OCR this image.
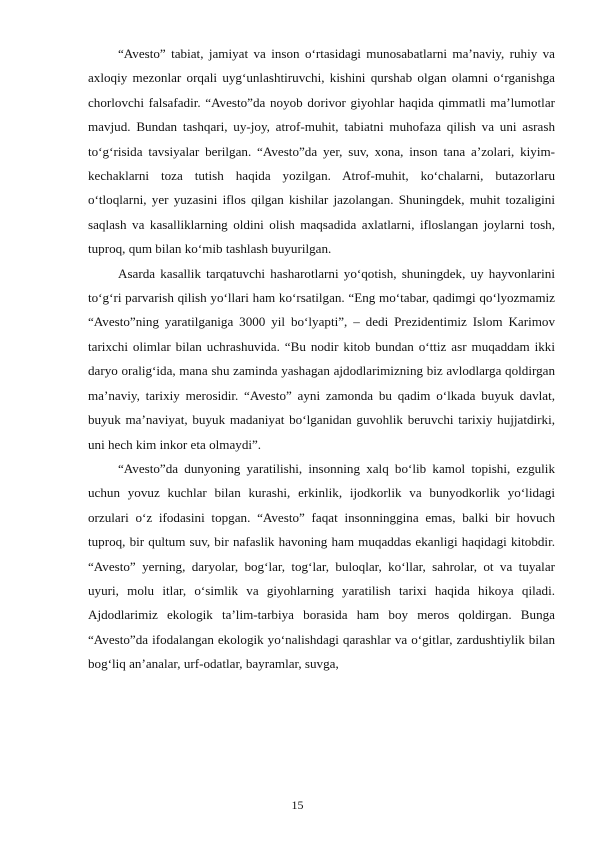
“Avesto” tabiat, jamiyat va inson o‘rtasidagi munosabatlarni ma’naviy, ruhiy va axloqiy mezonlar orqali uyg‘unlashtiruvchi, kishini qurshab olgan olamni o‘rganishga chorlovchi falsafadir. “Avesto”da noyob dorivor giyohlar haqida qimmatli ma’lumotlar mavjud. Bundan tashqari, uy-joy, atrof-muhit, tabiatni muhofaza qilish va uni asrash to‘g‘risida tavsiyalar berilgan. “Avesto”da yer, suv, xona, inson tana a’zolari, kiyim-kechaklarni toza tutish haqida yozilgan. Atrof-muhit, ko‘chalarni, butazorlaru o‘tloqlarni, yer yuzasini iflos qilgan kishilar jazolangan. Shuningdek, muhit tozaligini saqlash va kasalliklarning oldini olish maqsadida axlatlarni, ifloslangan joylarni tosh, tuproq, qum bilan ko‘mib tashlash buyurilgan.

Asarda kasallik tarqatuvchi hasharotlarni yo‘qotish, shuningdek, uy hayvonlarini to‘g‘ri parvarish qilish yo‘llari ham ko‘rsatilgan. “Eng mo‘tabar, qadimgi qo‘lyozmamiz “Avesto”ning yaratilganiga 3000 yil bo‘lyapti”, – dedi Prezidentimiz Islom Karimov tarixchi olimlar bilan uchrashuvida. “Bu nodir kitob bundan o‘ttiz asr muqaddam ikki daryo oralig‘ida, mana shu zaminda yashagan ajdodlarimizning biz avlodlarga qoldirgan ma’naviy, tarixiy merosidir. “Avesto” ayni zamonda bu qadim o‘lkada buyuk davlat, buyuk ma’naviyat, buyuk madaniyat bo‘lganidan guvohlik beruvchi tarixiy hujjatdirki, uni hech kim inkor eta olmaydi”.

“Avesto”da dunyoning yaratilishi, insonning xalq bo‘lib kamol topishi, ezgulik uchun yovuz kuchlar bilan kurashi, erkinlik, ijodkorlik va bunyodkorlik yo‘lidagi orzulari o‘z ifodasini topgan. “Avesto” faqat insonninggina emas, balki bir hovuch tuproq, bir qultum suv, bir nafaslik havoning ham muqaddas ekanligi haqidagi kitobdir. “Avesto” yerning, daryolar, bog‘lar, tog‘lar, buloqlar, ko‘llar, sahrolar, ot va tuyalar uyuri, molu itlar, o‘simlik va giyohlarning yaratilish tarixi haqida hikoya qiladi. Ajdodlarimiz ekologik ta’lim-tarbiya borasida ham boy meros qoldirgan. Bunga “Avesto”da ifodalangan ekologik yo‘nalishdagi qarashlar va o‘gitlar, zardushtiylik bilan bog‘liq an’analar, urf-odatlar, bayramlar, suvga,

15
